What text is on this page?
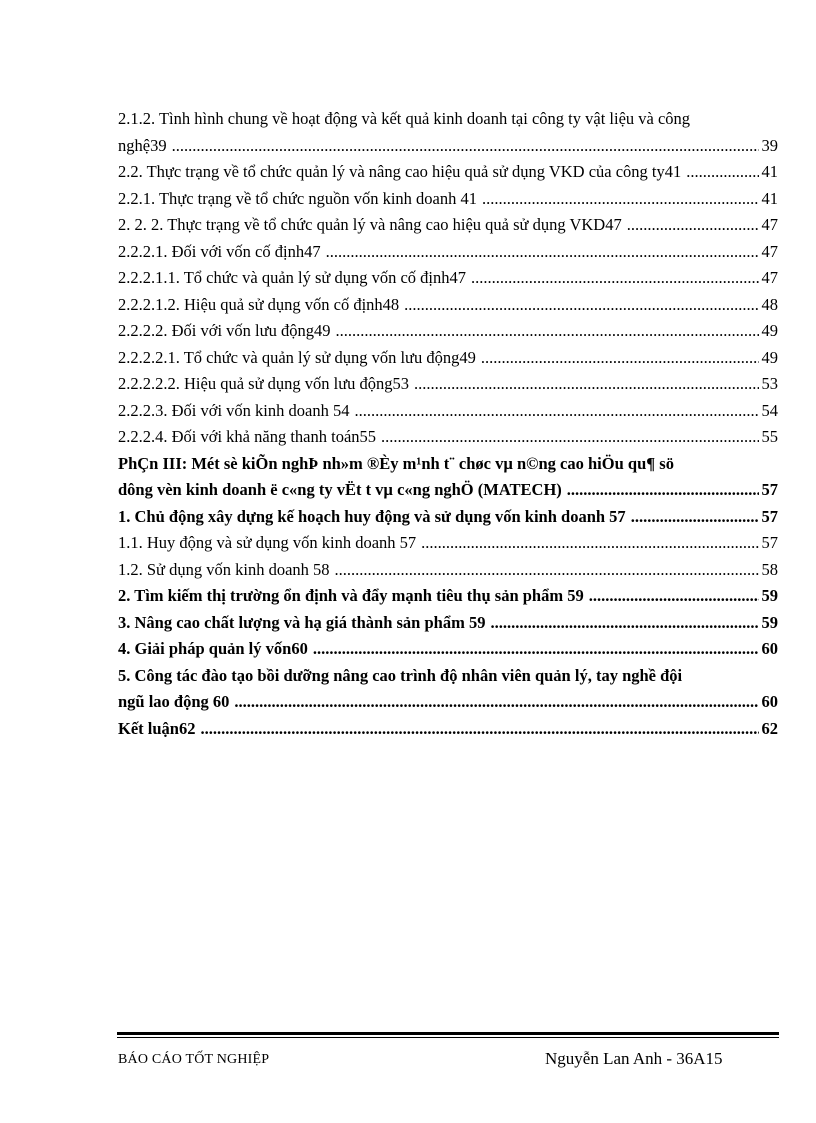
2.1.2. Tình hình chung về hoạt động và kết quả kinh doanh tại công ty vật liệu và công
nghệ39 .....	39
2.2. Thực trạng về tổ chức quản lý và nâng cao hiệu quả sử dụng VKD của công ty41 .....	41
2.2.1. Thực trạng về tổ chức nguồn vốn kinh doanh 41 .....	41
2. 2. 2. Thực trạng về tổ chức quản lý và nâng cao hiệu quả sử dụng VKD47 .....	47
2.2.2.1. Đối với vốn cố định47 .....	47
2.2.2.1.1. Tổ chức và quản lý sử dụng vốn cố định47 .....	47
2.2.2.1.2. Hiệu quả sử dụng vốn cố định48 .....	48
2.2.2.2. Đối với vốn lưu động49 .....	49
2.2.2.2.1. Tổ chức và quản lý sử dụng vốn lưu động49 .....	49
2.2.2.2.2. Hiệu quả sử dụng vốn lưu động53 .....	53
2.2.2.3. Đối với vốn kinh doanh 54 .....	54
2.2.2.4. Đối với khả năng thanh toán55 .....	55
PhÇn III: Mét sè kiÕn nghÞ nh»m ®Èy m¹nh t¨ chøc vµ n©ng cao hiÖu qu¶ sö
dông vèn kinh doanh ë c«ng ty vËt t vµ c«ng nghÖ (MATECH) .....	57
1. Chủ động xây dựng kế hoạch huy động và sử dụng vốn kinh doanh 57 .....	57
1.1. Huy động và sử dụng vốn kinh doanh 57 .....	57
1.2. Sử dụng vốn kinh doanh 58 .....	58
2. Tìm kiếm thị trường ổn định và đẩy mạnh tiêu thụ sản phẩm 59 .....	59
3. Nâng cao chất lượng và hạ giá thành sản phẩm 59 .....	59
4. Giải pháp quản lý vốn60 .....	60
5. Công tác đào tạo bồi dưỡng nâng cao trình độ nhân viên quản lý, tay nghề đội
ngũ lao động 60 .....	60
Kết luận62 .....	62
BÁO CÁO TỐT NGHIỆP	Nguyễn Lan Anh - 36A15
